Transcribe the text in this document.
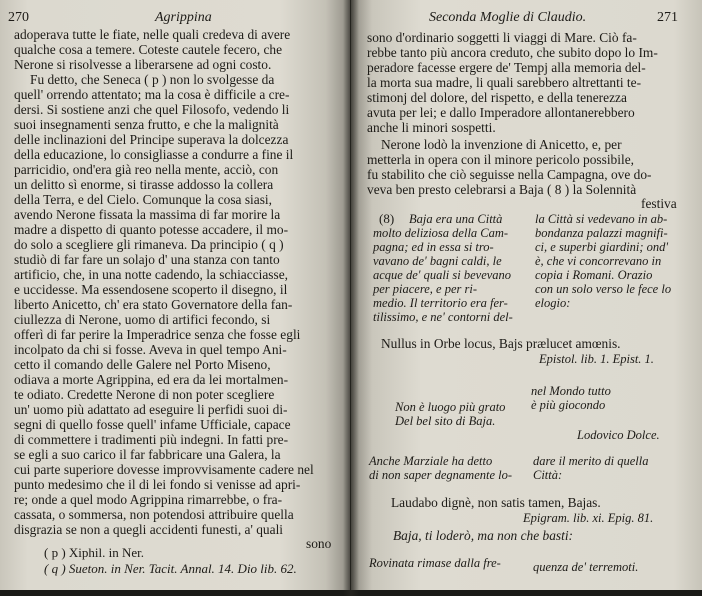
270	Agrippina
adoperava tutte le fiate, nelle quali credeva di avere
qualche cosa a temere. Coteste cautele fecero, che
Nerone si risolvesse a liberarsene ad ogni costo.
Fu detto, che Seneca ( p ) non lo svolgesse da
quell' orrendo attentato; ma la cosa è difficile a cre-
dersi. Si sostiene anzi che quel Filosofo, vedendo li
suoi insegnamenti senza frutto, e che la malignità
delle inclinazioni del Principe superava la dolcezza
della educazione, lo consigliasse a condurre a fine il
parricidio, ond'era già reo nella mente, acciò, con
un delitto sì enorme, si tirasse addosso la collera
della Terra, e del Cielo. Comunque la cosa siasi,
avendo Nerone fissata la massima di far morire la
madre a dispetto di quanto potesse accadere, il mo-
do solo a scegliere gli rimaneva. Da principio ( q )
studiò di far fare un solajo d' una stanza con tanto
artificio, che, in una notte cadendo, la schiacciasse,
e uccidesse. Ma essendosene scoperto il disegno, il
liberto Anicetto, ch' era stato Governatore della fan-
ciullezza di Nerone, uomo di artifici fecondo, si
offerì di far perire la Imperadrice senza che fosse egli
incolpato da chi si fosse. Aveva in quel tempo Ani-
cetto il comando delle Galere nel Porto Miseno,
odiava a morte Agrippina, ed era da lei mortalmen-
te odiato. Credette Nerone di non poter scegliere
un' uomo più adattato ad eseguire li perfidi suoi di-
segni di quello fosse quell' infame Ufficiale, capace
di commettere i tradimenti più indegni. In fatti pre-
se egli a suo carico il far fabbricare una Galera, la
cui parte superiore dovesse improvvisamente cadere nel
punto medesimo che il di lei fondo si venisse ad apri-
re; onde a quel modo Agrippina rimarrebbe, o fra-
cassata, o sommersa, non potendosi attribuire quella
disgrazia se non a quegli accidenti funesti, a' quali
sono
( p ) Xiphil. in Ner.
( q ) Sueton. in Ner. Tacit. Annal. 14. Dio lib. 62.
Seconda Moglie di Claudio.	271
sono d'ordinario soggetti li viaggi di Mare. Ciò fa-
rebbe tanto più ancora creduto, che subito dopo lo Im-
peradore facesse ergere de' Tempj alla memoria del-
la morta sua madre, li quali sarebbero altrettanti te-
stimonj del dolore, del rispetto, e della tenerezza
avuta per lei; e dallo Imperadore allontanerebbero
anche li minori sospetti.
Nerone lodò la invenzione di Anicetto, e, per
metterla in opera con il minore pericolo possibile,
fu stabilito che ciò seguisse nella Campagna, ove do-
veva ben presto celebrarsi a Baja ( 8 ) la Solennità
festiva
(8) Baja era una Città
molto deliziosa della Cam-
pagna; ed in essa si tro-
vavano de' bagni caldi, le
acque de' quali si bevevano
per piacere, e per ri-
medio. Il territorio era fer-
tilissimo, e ne' contorni del-
la Città si vedevano in ab-
bondanza palazzi magnifi-
ci, e superbi giardini; ond'
è, che vi concorrevano in
copia i Romani. Orazio
con un solo verso le fece lo
elogio:
Nullus in Orbe locus, Bajs prælucet amœnis.
Epistol. lib. 1. Epist. 1.
nel Mondo tutto
è più giocondo
Non è luogo più grato
Del bel sito di Baja.
Lodovico Dolce.
Anche Marziale ha detto
di non saper degnamente lo-
dare il merito di quella
Città:
Laudabo dignè, non satis tamen, Bajas.
Epigram. lib. xi. Epig. 81.
Baja, ti loderò, ma non che basti:
Rovinata rimase dalla fre-	quenza de' terremoti.
